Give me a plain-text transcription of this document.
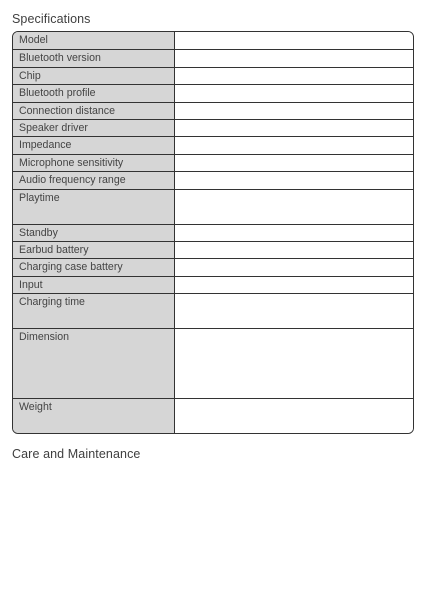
Specifications
Model
Bluetooth version
Chip
Bluetooth profile
Connection distance
Speaker driver
Impedance
Microphone sensitivity
Audio frequency range
Playtime
Standby
Earbud battery
Charging case battery
Input
Charging time
Dimension
Weight
Care and Maintenance
